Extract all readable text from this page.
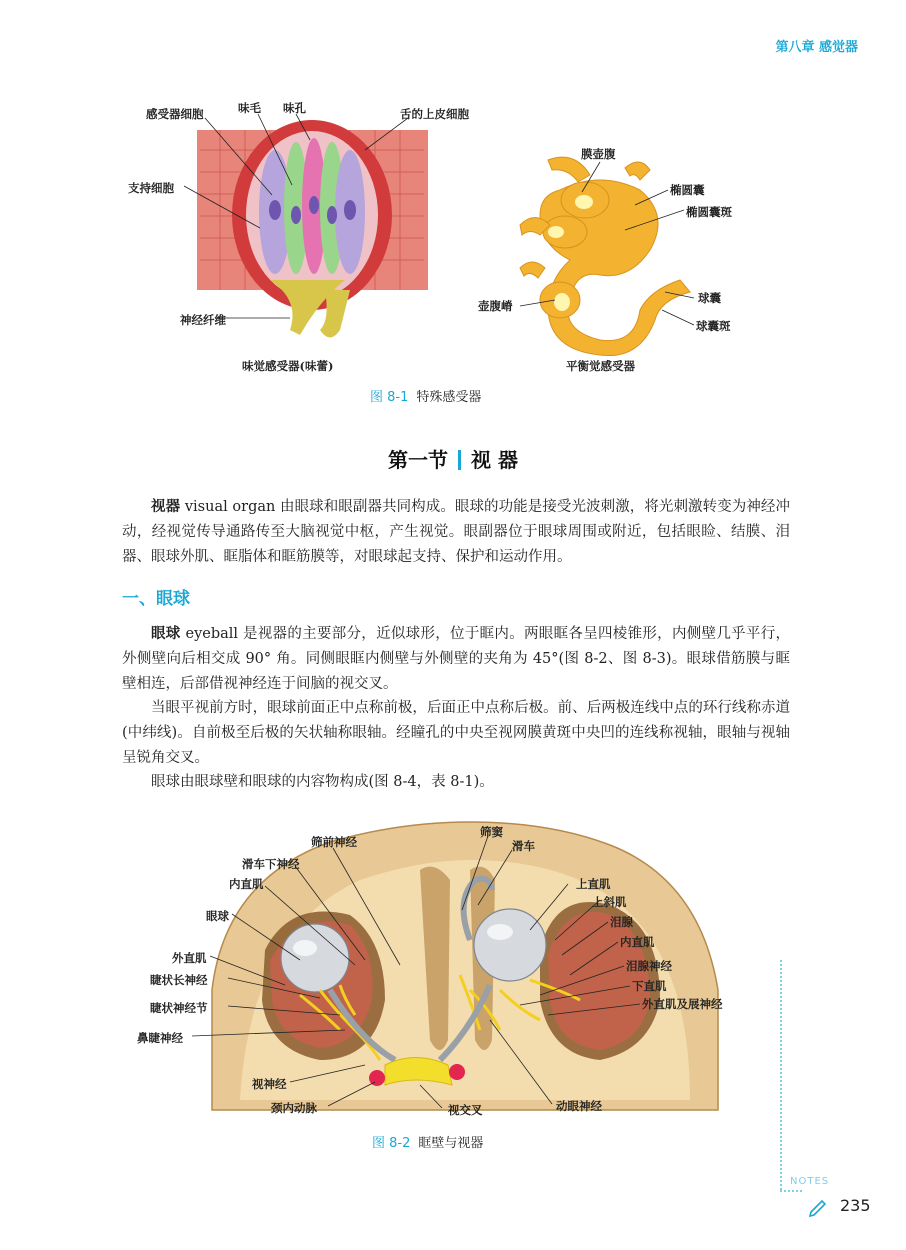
第八章 感觉器
感受器细胞	味毛 味孔	舌的上皮细胞
支持细胞
神经纤维
味觉感受器(味蕾)
膜壶腹
椭圆囊
椭圆囊斑
球囊
壶腹嵴
球囊斑
平衡觉感受器
图 8-1 特殊感受器
第一节 视 器
视器 visual organ 由眼球和眼副器共同构成。眼球的功能是接受光波刺激，将光刺激转变为神经冲动，经视觉传导通路传至大脑视觉中枢，产生视觉。眼副器位于眼球周围或附近，包括眼睑、结膜、泪器、眼球外肌、眶脂体和眶筋膜等，对眼球起支持、保护和运动作用。
一、眼球
眼球 eyeball 是视器的主要部分，近似球形，位于眶内。两眼眶各呈四棱锥形，内侧壁几乎平行，外侧壁向后相交成 90° 角。同侧眼眶内侧壁与外侧壁的夹角为 45°(图 8-2、图 8-3)。眼球借筋膜与眶壁相连，后部借视神经连于间脑的视交叉。
当眼平视前方时，眼球前面正中点称前极，后面正中点称后极。前、后两极连线中点的环行线称赤道(中纬线)。自前极至后极的矢状轴称眼轴。经瞳孔的中央至视网膜黄斑中央凹的连线称视轴，眼轴与视轴呈锐角交叉。
眼球由眼球壁和眼球的内容物构成(图 8-4，表 8-1)。
筛前神经
筛窦
滑车
滑车下神经
内直肌
眼球
外直肌
睫状长神经
睫状神经节
鼻睫神经
视神经
颈内动脉	视交叉	动眼神经
上直肌
上斜肌
泪腺
内直肌
泪腺神经
下直肌
外直肌及展神经
图 8-2 眶壁与视器
NOTES
235
